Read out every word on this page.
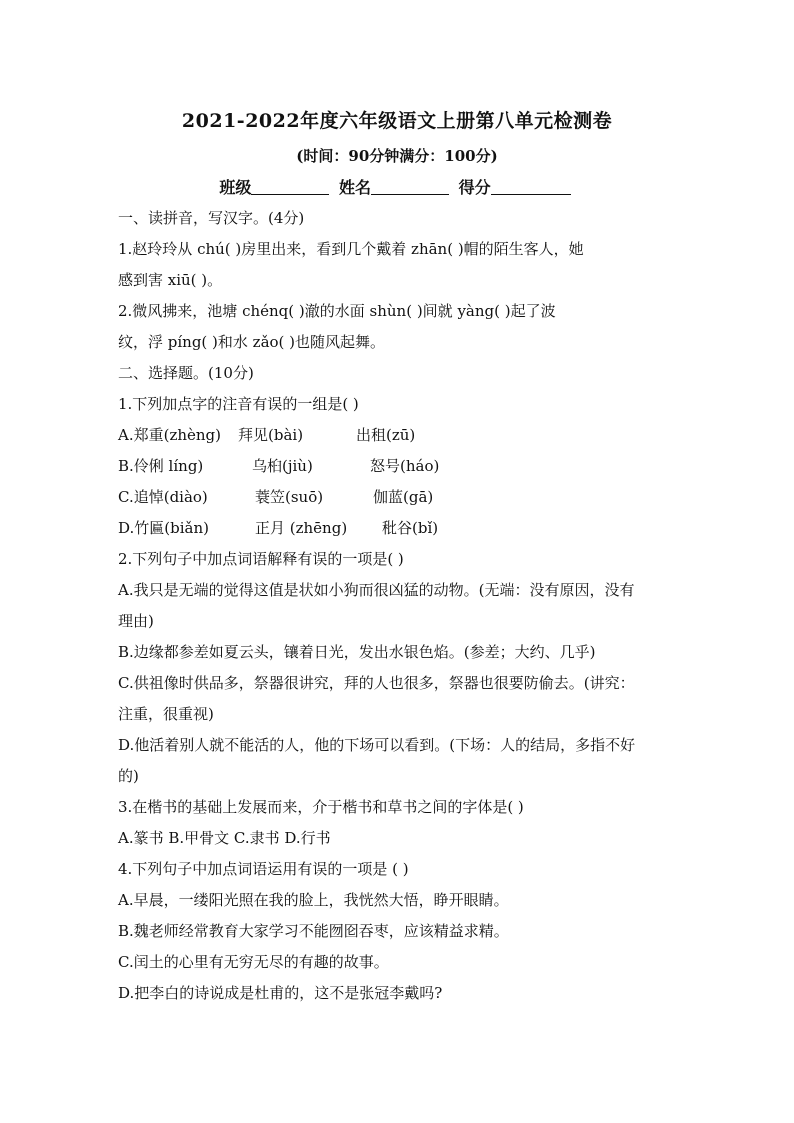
2021-2022年度六年级语文上册第八单元检测卷
(时间：90分钟满分：100分)
班级	姓名	得分
一、读拼音，写汉字。(4分)
1.赵玲玲从 chú( )房里出来，看到几个戴着 zhān( )帽的陌生客人，她
感到害 xiū( )。
2.微风拂来，池塘 chénq( )澈的水面 shùn( )间就 yàng( )起了波
纹，浮 píng( )和水 zǎo( )也随风起舞。
二、选择题。(10分)
1.下列加点字的注音有误的一组是( )
A.郑重(zhèng) 拜见(bài)	出租(zū)
B.伶俐 líng)	乌桕(jiù)	怒号(háo)
C.追悼(diào)	蓑笠(suō)	伽蓝(gā)
D.竹匾(biǎn)	正月 (zhēng) 秕谷(bǐ)
2.下列句子中加点词语解释有误的一项是( )
A.我只是无端的觉得这值是状如小狗而很凶猛的动物。(无端：没有原因，没有
理由)
B.边缘都参差如夏云头，镶着日光，发出水银色焰。(参差；大约、几乎)
C.供祖像时供品多，祭器很讲究，拜的人也很多，祭器也很要防偷去。(讲究：
注重，很重视)
D.他活着别人就不能活的人，他的下场可以看到。(下场：人的结局，多指不好
的)
3.在楷书的基础上发展而来，介于楷书和草书之间的字体是( )
A.篆书 B.甲骨文 C.隶书 D.行书
4.下列句子中加点词语运用有误的一项是 ( )
A.早晨，一缕阳光照在我的脸上，我恍然大悟，睁开眼睛。
B.魏老师经常教育大家学习不能囫囵吞枣，应该精益求精。
C.闰土的心里有无穷无尽的有趣的故事。
D.把李白的诗说成是杜甫的，这不是张冠李戴吗?
